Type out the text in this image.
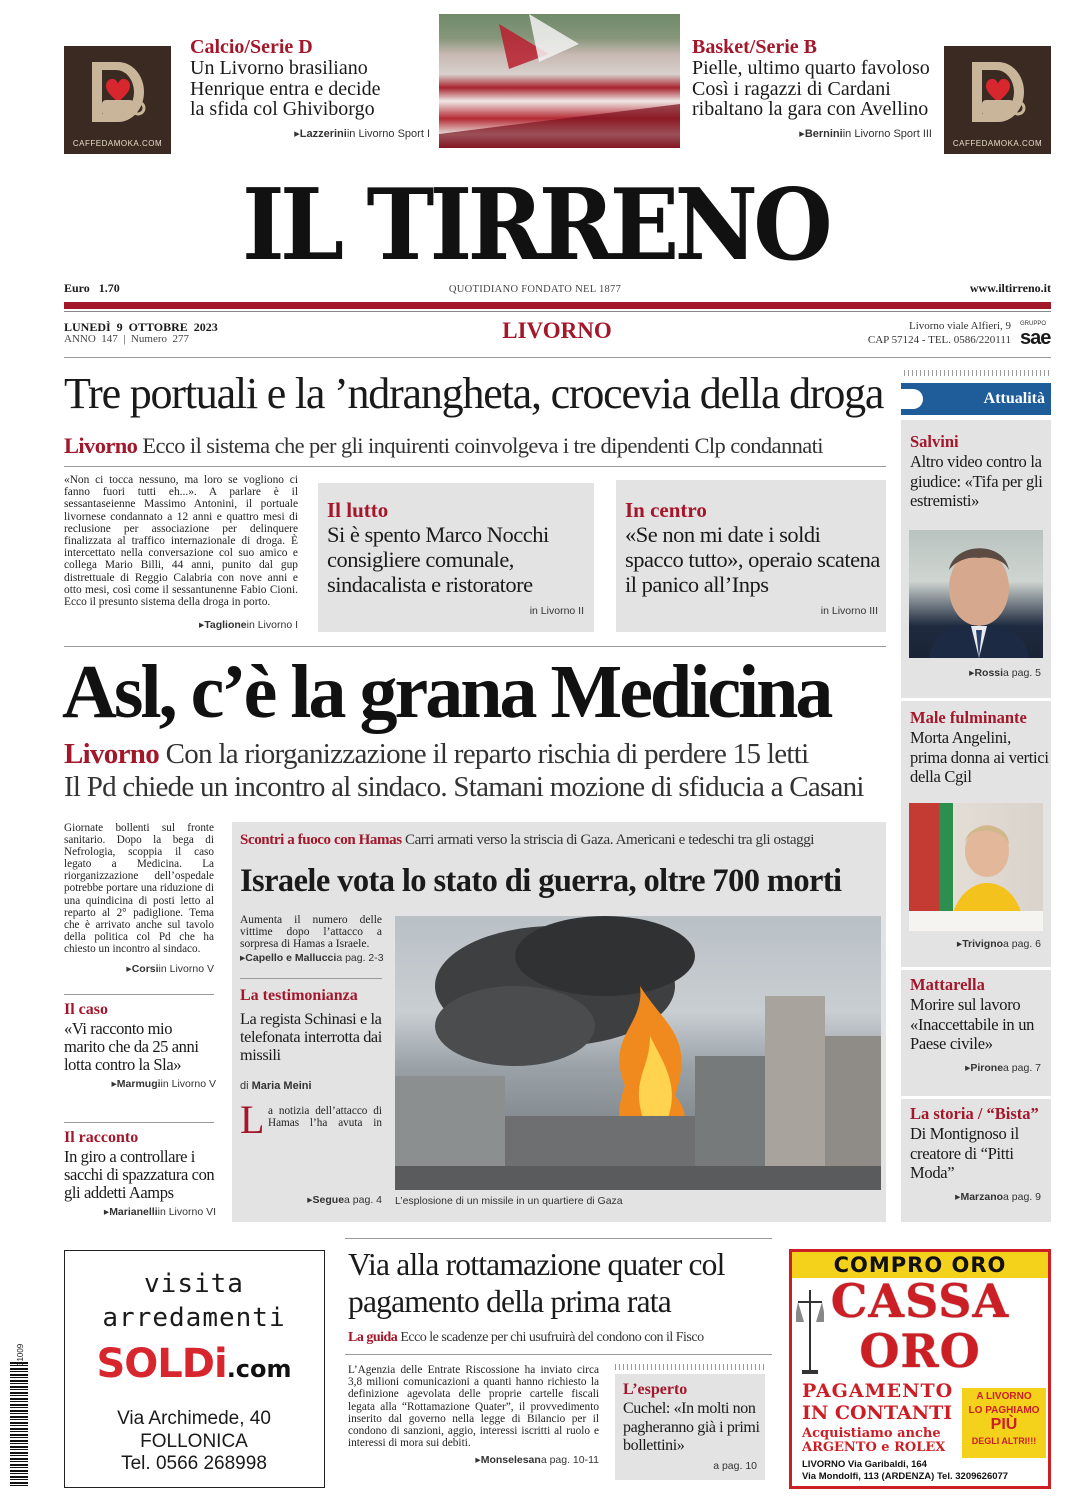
CAFFEDAMOKA.COM
Calcio/Serie D
Un Livorno brasiliano
Henrique entra e decide
la sfida col Ghiviborgo
▸Lazzeriniin Livorno Sport I
Basket/Serie B
Pielle, ultimo quarto favoloso
Così i ragazzi di Cardani
ribaltano la gara con Avellino
▸Berniniin Livorno Sport III
CAFFEDAMOKA.COM
IL TIRRENO
Euro 1.70	QUOTIDIANO FONDATO NEL 1877	www.iltirreno.it
LUNEDÌ  9  OTTOBRE  2023
ANNO  147  |  Numero  277	LIVORNO	Livorno viale Alfieri, 9
CAP 57124 - TEL. 0586/220111
GRUPPO
sae
Tre portuali e la ’ndrangheta, crocevia della droga
Livorno Ecco il sistema che per gli inquirenti coinvolgeva i tre dipendenti Clp condannati
«Non ci tocca nessuno, ma loro se vogliono ci fanno fuori tutti eh...». A parlare è il sessantaseienne Massimo Antonini, il portuale livornese condannato a 12 anni e quattro mesi di reclusione per associazione per delinquere finalizzata al traffico internazionale di droga. È intercettato nella conversazione col suo amico e collega Mario Billi, 44 anni, punito dal gup distrettuale di Reggio Calabria con nove anni e otto mesi, così come il sessantunenne Fabio Cioni. Ecco il presunto sistema della droga in porto.
▸Taglionein Livorno I
Il lutto
Si è spento Marco Nocchi consigliere comunale, sindacalista e ristoratore
in Livorno II
In centro
«Se non mi date i soldi spacco tutto», operaio scatena il panico all’Inps
in Livorno III
Asl, c’è la grana Medicina
Livorno Con la riorganizzazione il reparto rischia di perdere 15 letti
Il Pd chiede un incontro al sindaco. Stamani mozione di sfiducia a Casani
Giornate bollenti sul fronte sanitario. Dopo la bega di Nefrologia, scoppia il caso legato a Medicina. La riorganizzazione dell’ospedale potrebbe portare una riduzione di una quindicina di posti letto al reparto al 2° padiglione. Tema che è arrivato anche sul tavolo della politica col Pd che ha chiesto un incontro al sindaco.
▸Corsiin Livorno V
Il caso
«Vi racconto mio marito che da 25 anni lotta contro la Sla»
▸Marmugiin Livorno V
Il racconto
In giro a controllare i sacchi di spazzatura con gli addetti Aamps
▸Marianelliin Livorno VI
Scontri a fuoco con Hamas Carri armati verso la striscia di Gaza. Americani e tedeschi tra gli ostaggi
Israele vota lo stato di guerra, oltre 700 morti
Aumenta il numero delle vittime dopo l’attacco a sorpresa di Hamas a Israele.
▸Capello e Malluccia pag. 2-3
La testimonianza
La regista Schinasi e la telefonata interrotta dai missili
di Maria Meini
L a notizia dell’attacco di Hamas l’ha avuta in
▸Seguea pag. 4 L’esplosione di un missile in un quartiere di Gaza
Attualità
Salvini
Altro video contro la giudice: «Tifa per gli estremisti»
▸Rossia pag. 5
Male fulminante
Morta Angelini, prima donna ai vertici della Cgil
▸Trivignoa pag. 6
Mattarella
Morire sul lavoro «Inaccettabile in un Paese civile»
▸Pironea pag. 7
La storia / “Bista”
Di Montignoso il creatore di “Pitti Moda”
▸Marzanoa pag. 9
31009
visita
arredamenti
SOLDi.com
Via Archimede, 40
FOLLONICA
Tel. 0566 268998
Via alla rottamazione quater col pagamento della prima rata
La guida Ecco le scadenze per chi usufruirà del condono con il Fisco
L’Agenzia delle Entrate Riscossione ha inviato circa 3,8 milioni comunicazioni a quanti hanno richiesto la definizione agevolata delle proprie cartelle fiscali legata alla “Rottamazione Quater”, il provvedimento inserito dal governo nella legge di Bilancio per il condono di sanzioni, aggio, interessi iscritti al ruolo e interessi di mora sui debiti.
▸Monselesana pag. 10-11
L’esperto
Cuchel: «In molti non pagheranno già i primi bollettini»
a pag. 10
COMPRO ORO
CASSA
ORO
PAGAMENTO
IN CONTANTI
Acquistiamo anche
ARGENTO e ROLEX
A LIVORNO
LO PAGHIAMO
PIÙ
DEGLI ALTRI!!!
LIVORNO Via Garibaldi, 164
Via Mondolfi, 113 (ARDENZA) Tel. 3209626077
